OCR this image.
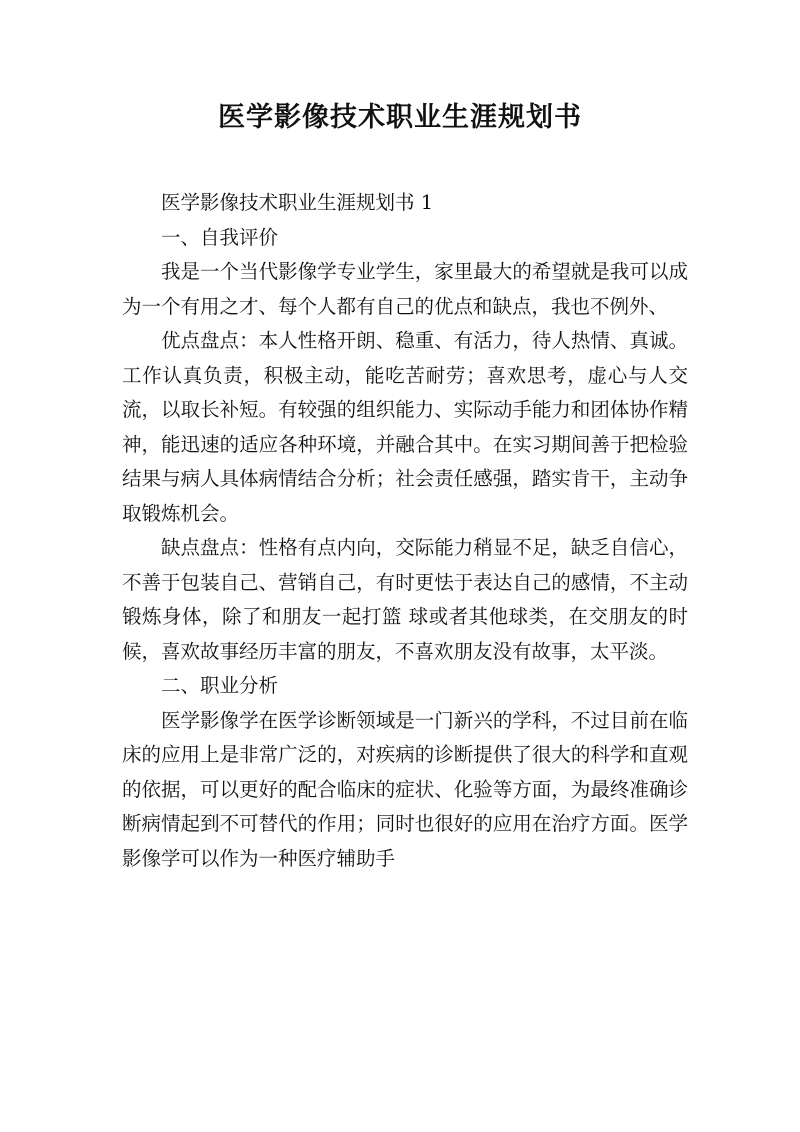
医学影像技术职业生涯规划书

医学影像技术职业生涯规划书 1

一、自我评价

我是一个当代影像学专业学生，家里最大的希望就是我可以成为一个有用之才、每个人都有自己的优点和缺点，我也不例外、

优点盘点：本人性格开朗、稳重、有活力，待人热情、真诚。工作认真负责，积极主动，能吃苦耐劳；喜欢思考，虚心与人交流，以取长补短。有较强的组织能力、实际动手能力和团体协作精神，能迅速的适应各种环境，并融合其中。在实习期间善于把检验结果与病人具体病情结合分析；社会责任感强，踏实肯干，主动争取锻炼机会。

缺点盘点：性格有点内向，交际能力稍显不足，缺乏自信心，不善于包装自己、营销自己，有时更怯于表达自己的感情，不主动锻炼身体，除了和朋友一起打篮 球或者其他球类，在交朋友的时候，喜欢故事经历丰富的朋友，不喜欢朋友没有故事，太平淡。

二、职业分析

医学影像学在医学诊断领域是一门新兴的学科，不过目前在临床的应用上是非常广泛的，对疾病的诊断提供了很大的科学和直观的依据，可以更好的配合临床的症状、化验等方面，为最终准确诊断病情起到不可替代的作用；同时也很好的应用在治疗方面。医学影像学可以作为一种医疗辅助手
